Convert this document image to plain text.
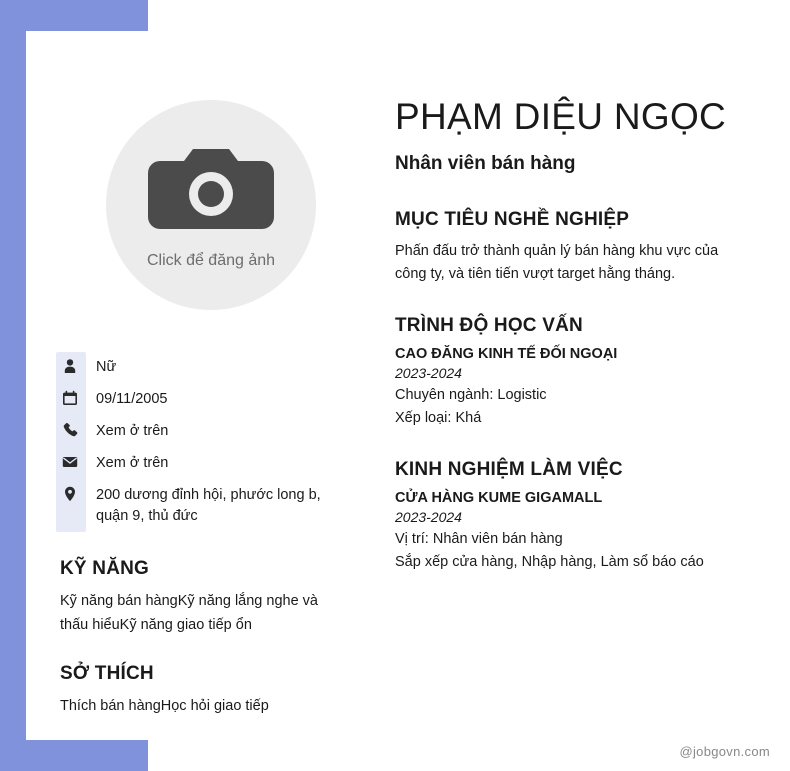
Click để đăng ảnh
Nữ
09/11/2005
Xem ở trên
Xem ở trên
200 dương đỉnh hội, phước long b, quận 9, thủ đức
KỸ NĂNG

Kỹ năng bán hàngKỹ năng lắng nghe và thấu hiểuKỹ năng giao tiếp ổn

SỞ THÍCH

Thích bán hàngHọc hỏi giao tiếp

PHẠM DIỆU NGỌC
Nhân viên bán hàng
MỤC TIÊU NGHỀ NGHIỆP

Phấn đấu trở thành quản lý bán hàng khu vực của công ty, và tiên tiến vượt target hằng tháng.

TRÌNH ĐỘ HỌC VẤN
CAO ĐĂNG KINH TẾ ĐỐI NGOẠI
2023-2024
Chuyên ngành: Logistic
Xếp loại: Khá
KINH NGHIỆM LÀM VIỆC
CỬA HÀNG KUME GIGAMALL
2023-2024
Vị trí: Nhân viên bán hàng
Sắp xếp cửa hàng, Nhập hàng, Làm sổ báo cáo
@jobgovn.com
